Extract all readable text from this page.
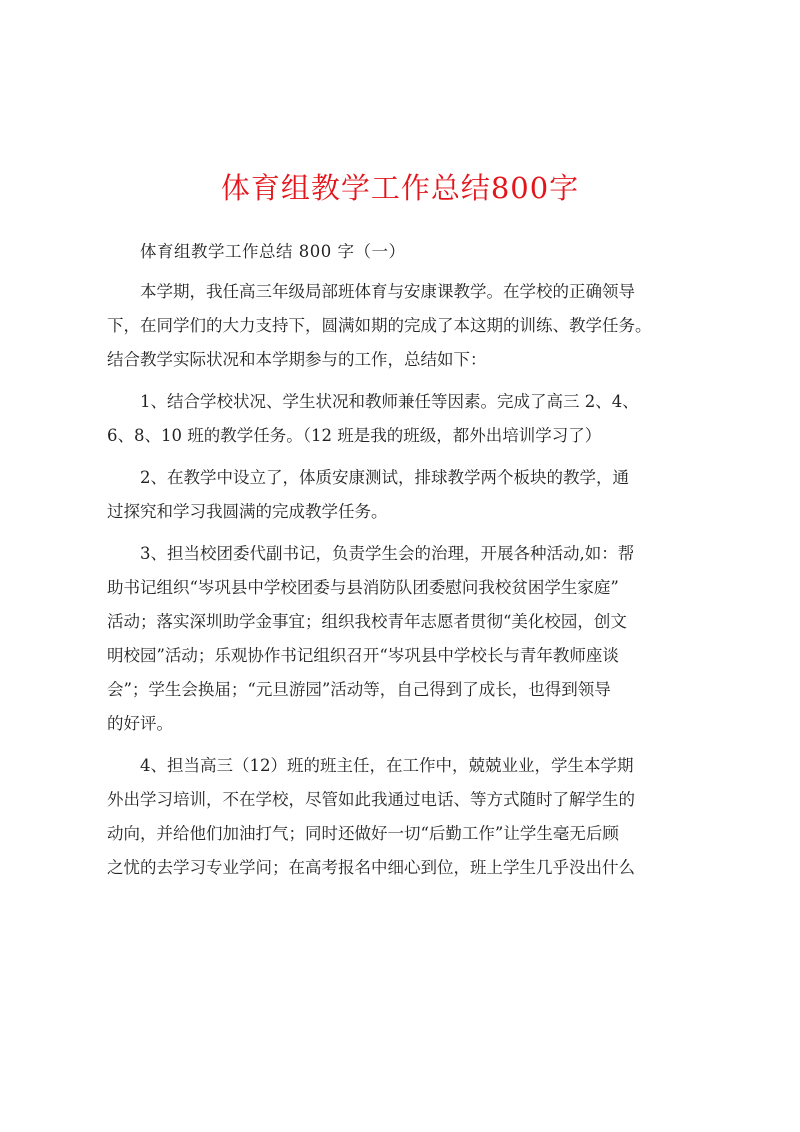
体育组教学工作总结800字

体育组教学工作总结 800 字（一）

本学期，我任高三年级局部班体育与安康课教学。在学校的正确领导
下，在同学们的大力支持下，圆满如期的完成了本这期的训练、教学任务。
结合教学实际状况和本学期参与的工作，总结如下：

1、结合学校状况、学生状况和教师兼任等因素。完成了高三 2、4、
6、8、10 班的教学任务。（12 班是我的班级，都外出培训学习了）

2、在教学中设立了，体质安康测试，排球教学两个板块的教学，通
过探究和学习我圆满的完成教学任务。

3、担当校团委代副书记，负责学生会的治理，开展各种活动,如：帮
助书记组织“岑巩县中学校团委与县消防队团委慰问我校贫困学生家庭”
活动；落实深圳助学金事宜；组织我校青年志愿者贯彻“美化校园，创文
明校园”活动；乐观协作书记组织召开“岑巩县中学校长与青年教师座谈
会”；学生会换届；“元旦游园”活动等，自己得到了成长，也得到领导
的好评。

4、担当高三（12）班的班主任，在工作中，兢兢业业，学生本学期
外出学习培训，不在学校，尽管如此我通过电话、等方式随时了解学生的
动向，并给他们加油打气；同时还做好一切“后勤工作”让学生毫无后顾
之忧的去学习专业学问；在高考报名中细心到位，班上学生几乎没出什么
